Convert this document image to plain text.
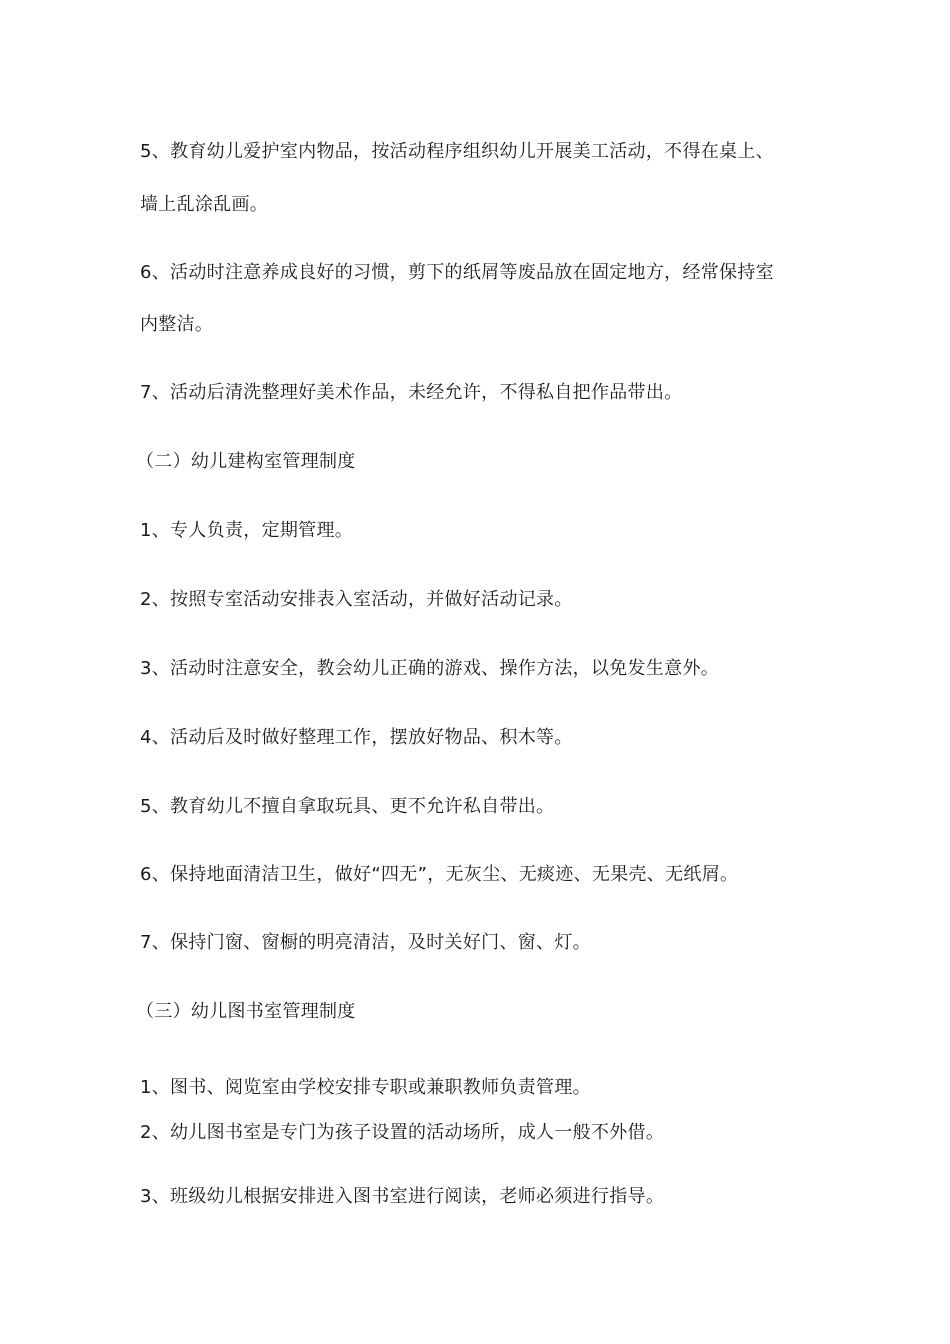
5、教育幼儿爱护室内物品，按活动程序组织幼儿开展美工活动，不得在桌上、
墙上乱涂乱画。
6、活动时注意养成良好的习惯，剪下的纸屑等废品放在固定地方，经常保持室
内整洁。
7、活动后清洗整理好美术作品，未经允许，不得私自把作品带出。
（二）幼儿建构室管理制度
1、专人负责，定期管理。
2、按照专室活动安排表入室活动，并做好活动记录。
3、活动时注意安全，教会幼儿正确的游戏、操作方法，以免发生意外。
4、活动后及时做好整理工作，摆放好物品、积木等。
5、教育幼儿不擅自拿取玩具、更不允许私自带出。
6、保持地面清洁卫生，做好“四无”，无灰尘、无痰迹、无果壳、无纸屑。
7、保持门窗、窗橱的明亮清洁，及时关好门、窗、灯。
（三）幼儿图书室管理制度
1、图书、阅览室由学校安排专职或兼职教师负责管理。
2、幼儿图书室是专门为孩子设置的活动场所，成人一般不外借。
3、班级幼儿根据安排进入图书室进行阅读，老师必须进行指导。
